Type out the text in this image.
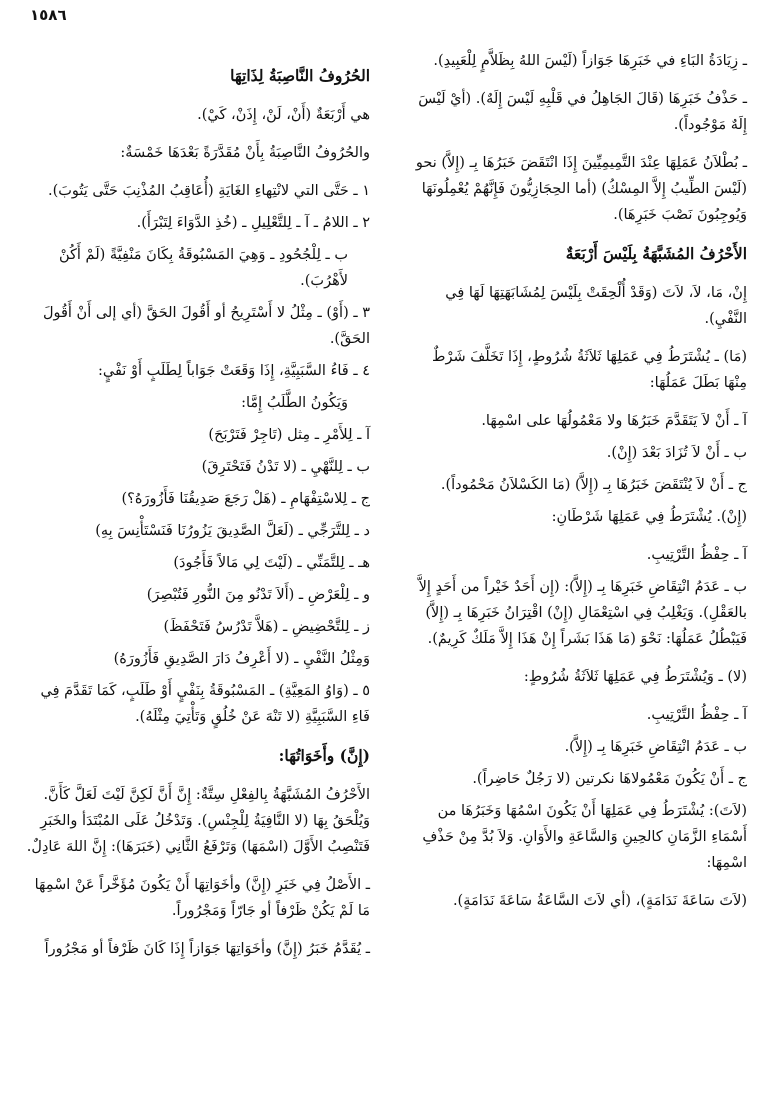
١٥٨٦

ـ زِيَادَةُ البَاءِ في خَبَرِهَا جَوَازاً (لَيْسَ اللهُ بِظَلاَّمٍ لِلْعَبِيدِ).

ـ حَذْفُ خَبَرِهَا (قَالَ الجَاهِلُ في قَلْبِهِ لَيْسَ إِلَهٌ). (أيْ لَيْسَ إِلَهٌ مَوْجُوداً).

ـ بُطْلاَنُ عَمَلِهَا عِنْدَ التَّمِيمِيِّينَ إِذَا انْتَقَضَ خَبَرُهَا بِـ (إِلاَّ) نحو (لَيْسَ الطِّيبُ إِلاَّ المِسْكُ) (أما الحِجَازِيُّونَ فَإِنَّهُمْ يُعْمِلُونَهَا وَيُوجِبُونَ نَصْبَ خَبَرِهَا).

الأَحْرُفُ المُشَبَّهَةُ بِلَيْسَ أَرْبَعَةٌ

إِنْ، مَا، لاَ، لاَتَ (وَقَدْ أُلْحِقَتْ بِلَيْسَ لِمُشَابَهَتِهَا لَهَا فِي النَّفْيِ).

(مَا) ـ يُشْتَرَطُ فِي عَمَلِهَا ثَلاَثَةُ شُرُوطٍ، إِذَا تَخَلَّفَ شَرْطٌ مِنْهَا بَطَلَ عَمَلُهَا:

آ ـ أَنْ لاَ يَتَقَدَّمَ خَبَرُهَا ولا مَعْمُولُهَا على اسْمِهَا.
ب ـ أَنْ لاَ تُزَادَ بَعْدَ (إِنْ).
ج ـ أَنْ لاَ يُنْتَقَضَ خَبَرُهَا بِـ (إِلاَّ) (مَا الكَسْلاَنُ مَحْمُوداً).

(إِنْ). يُشْتَرَطُ فِي عَمَلِهَا شَرْطَانِ:

آ ـ حِفْظُ التَّرْتِيبِ.

ب ـ عَدَمُ انْتِقَاضِ خَبَرِهَا بِـ (إِلاَّ): (إِن أَحَدٌ خَيْراً من أَحَدٍ إِلاَّ بالعَقْلِ). وَيَغْلِبُ فِي اسْتِعْمَالِ (إِنْ) اقْتِرَانُ خَبَرِهَا بِـ (إِلاَّ) فَيَبْطُلُ عَمَلُهَا: نَحْوَ (مَا هَذَا بَشَراً إِنْ هَذَا إِلاَّ مَلَكٌ كَرِيمٌ).

(لا) ـ وَيُشْتَرَطُ فِي عَمَلِهَا ثَلاَثَةُ شُرُوطٍ:

آ ـ حِفْظُ التَّرْتِيبِ.
ب ـ عَدَمُ انْتِقَاضِ خَبَرِهَا بِـ (إِلاَّ).
ج ـ أَنْ يَكُونَ مَعْمُولاهَا نكرتين (لا رَجُلٌ حَاضِراً).

(لاَتَ): يُشْتَرَطُ فِي عَمَلِهَا أَنْ يَكُونَ اسْمُهَا وَخَبَرُهَا من أَسْمَاءِ الزَّمَانِ كالحِينِ وَالسَّاعَةِ والأَوَانِ. وَلاَ بُدَّ مِنْ حَذْفِ اسْمِهَا:

(لاَتَ سَاعَةَ نَدَامَةٍ)، (أي لاَتَ السَّاعَةُ سَاعَةَ نَدَامَةٍ).

الحُرُوفُ النَّاصِبَةُ لِذَاتِهَا

هي أَرْبَعَةٌ (أَنْ، لَنْ، إِذَنْ، كَيْ).

والحُرُوفُ النَّاصِبَةُ بِأَنْ مُقَدَّرَةً بَعْدَهَا خَمْسَةٌ:

١ ـ حَتَّى التي لانْتِهاءِ الغَايَةِ (أُعَاقِبُ المُذْنِبَ حَتَّى يَتُوبَ).
٢ ـ اللامُ ـ آ ـ لِلتَّعْلِيلِ ـ (خُذِ الدَّوَاءَ لِتَبْرَأَ).
ب ـ لِلْجُحُودِ ـ وَهِيَ المَسْبُوقَةُ بِكَانَ مَنْفِيَّةً (لَمْ أَكُنْ لأَهْرُبَ).
٣ ـ (أَوْ) ـ مِثْلُ لا أَسْتَرِيحُ أو أَقُولَ الحَقَّ (أي إلى أَنْ أَقُولَ الحَقَّ).
٤ ـ فَاءُ السَّبَبِيَّةِ، إِذَا وَقَعَتْ جَوَاباً لِطَلَبٍ أَوْ نَفْيٍ:
وَيَكُونُ الطَّلَبُ إِمَّا:
آ ـ لِلأَمْرِ ـ مِثل (تَاجِرْ فَتَرْبَحَ)
ب ـ لِلنَّهْيِ ـ (لا تَدْنُ فَتَحْتَرِقَ)
ج ـ لِلاسْتِفْهَامِ ـ (هَلْ رَجَعَ صَدِيقُنَا فَأَزُورَهُ؟)
د ـ لِلتَّرَجِّي ـ (لَعَلَّ الصَّدِيقَ يَزُورُنَا فَنَسْتَأْنِسَ بِهِ)
هـ ـ لِلتَّمَنِّي ـ (لَيْتَ لِي مَالاً فَأَجُودَ)
و ـ لِلْعَرْضِ ـ (أَلاَ تَدْنُو مِنَ النُّورِ فَتُبْصِرَ)
ز ـ لِلتَّحْضِيضِ ـ (هَلاَّ تَدْرُسُ فَتَحْفَظَ)
وَمِثْلُ النَّفْيِ ـ (لا أَعْرِفُ دَارَ الصَّدِيقِ فَأَزُورَهُ)

٥ ـ (وَاوُ المَعِيَّةِ) ـ المَسْبُوقَةُ بِنَفْيٍ أَوْ طَلَبٍ، كَمَا تَقَدَّمَ فِي فَاءِ السَّبَبِيَّةِ (لا تَنْهَ عَنْ خُلُقٍ وَتَأْتِيَ مِثْلَهُ).

(إِنَّ) وأَخَوَاتُهَا:

الأَحْرُفُ المُشَبَّهَةُ بِالفِعْلِ سِتَّةٌ: إِنَّ أَنَّ لَكِنَّ لَيْتَ لَعَلَّ كَأَنَّ. وَيُلْحَقُ بِهَا (لا النَّافِيَةُ لِلْجِنْسِ). وَتَدْخُلُ عَلَى المُبْتَدَأ والخَبَرِ فَتَنْصِبُ الأَوَّلَ (اسْمَهَا) وَتَرْفَعُ الثَّانِي (خَبَرَهَا): إِنَّ اللهَ عَادِلٌ.

ـ الأَصْلُ فِي خَبَرِ (إِنَّ) وأخَوَاتِهَا أَنْ يَكُونَ مُؤَخَّراً عَنْ اسْمِهَا مَا لَمْ يَكُنْ ظَرْفاً أو جَارّاً وَمَجْرُوراً.

ـ يُقَدَّمُ خَبَرُ (إِنَّ) وأخَوَاتِهَا جَوَازاً إِذَا كَانَ ظَرْفاً أو مَجْرُوراً
